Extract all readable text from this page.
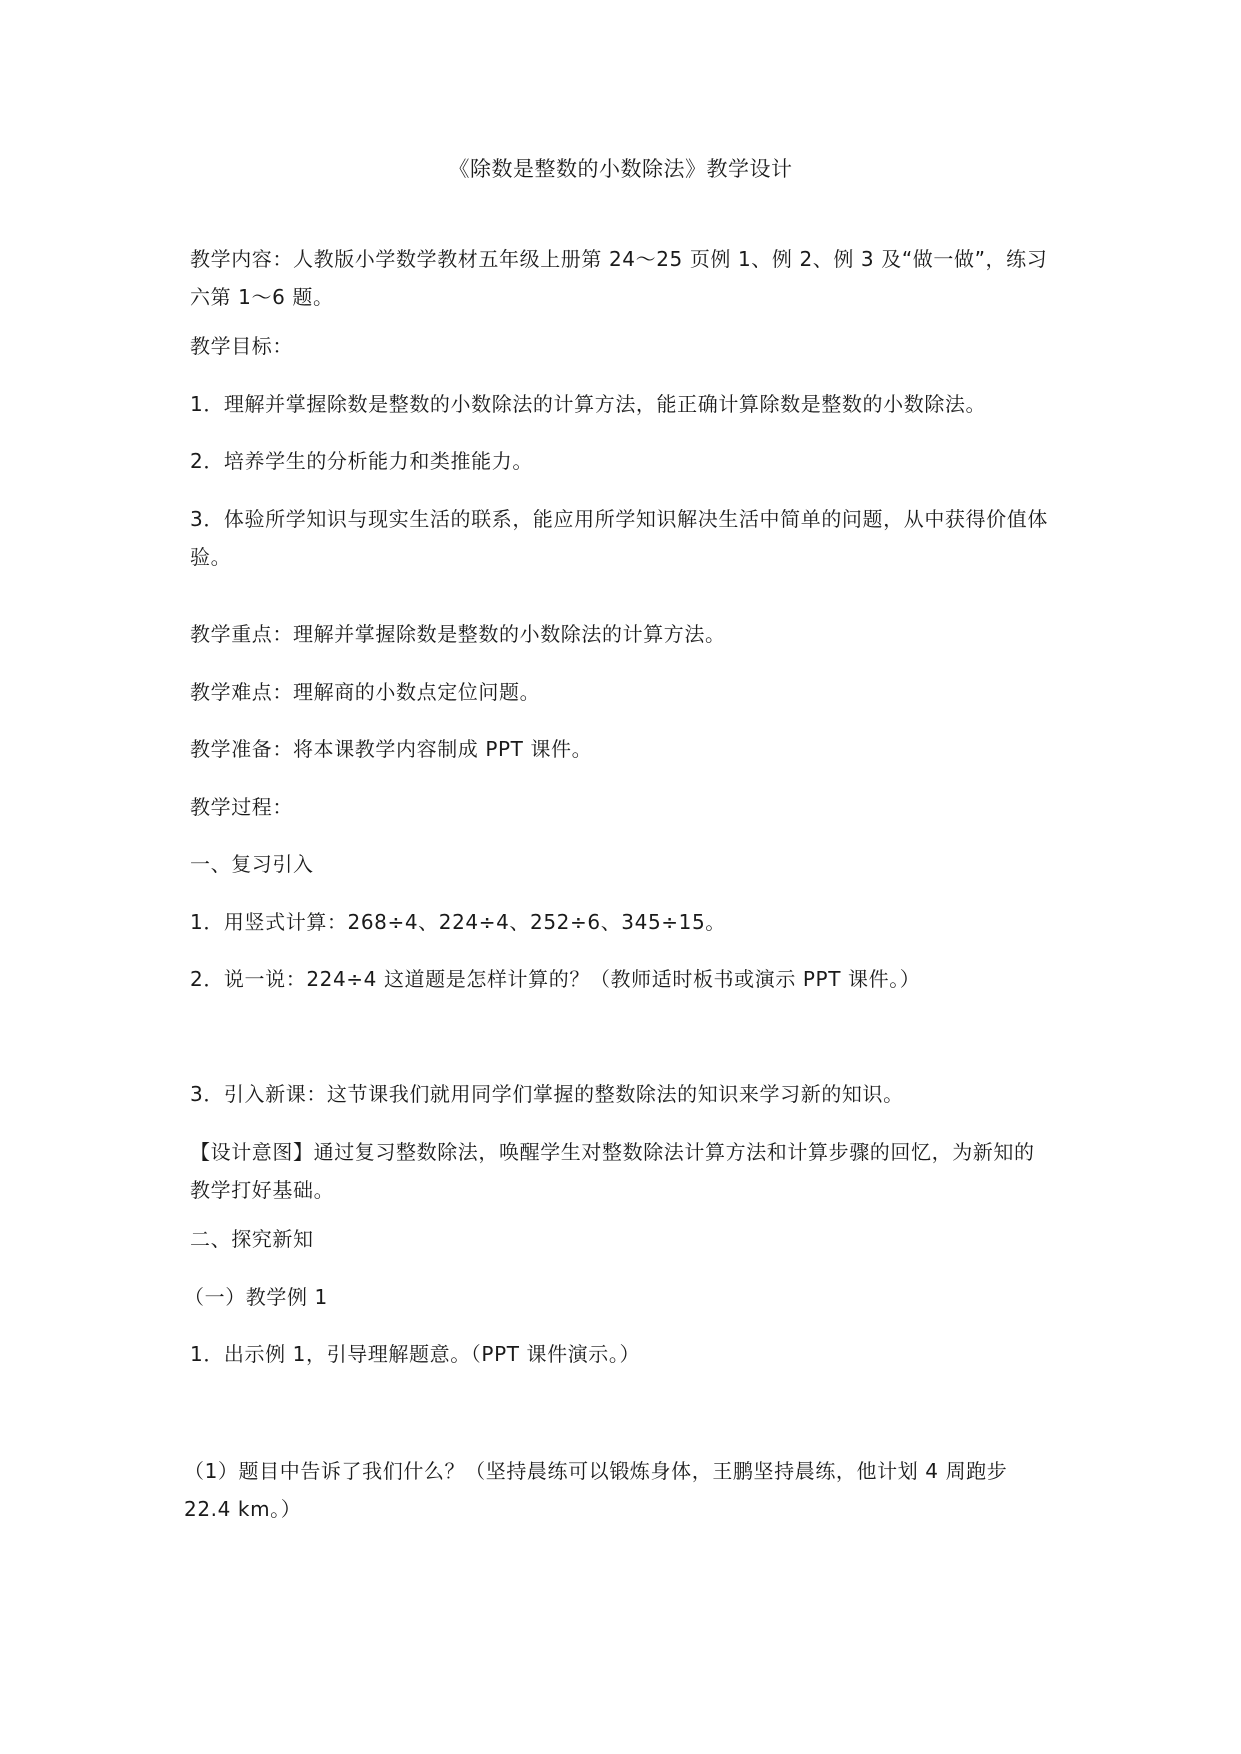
《除数是整数的小数除法》教学设计

教学内容：人教版小学数学教材五年级上册第 24～25 页例 1、例 2、例 3 及“做一做”，练习六第 1～6 题。

教学目标：

1．理解并掌握除数是整数的小数除法的计算方法，能正确计算除数是整数的小数除法。

2．培养学生的分析能力和类推能力。

3．体验所学知识与现实生活的联系，能应用所学知识解决生活中简单的问题，从中获得价值体验。

教学重点：理解并掌握除数是整数的小数除法的计算方法。

教学难点：理解商的小数点定位问题。

教学准备：将本课教学内容制成 PPT 课件。

教学过程：

一、复习引入

1．用竖式计算：268÷4、224÷4、252÷6、345÷15。

2．说一说：224÷4 这道题是怎样计算的？（教师适时板书或演示 PPT 课件。）

3．引入新课：这节课我们就用同学们掌握的整数除法的知识来学习新的知识。

【设计意图】通过复习整数除法，唤醒学生对整数除法计算方法和计算步骤的回忆，为新知的教学打好基础。

二、探究新知

（一）教学例 1

1．出示例 1，引导理解题意。（PPT 课件演示。）

（1）题目中告诉了我们什么？（坚持晨练可以锻炼身体，王鹏坚持晨练，他计划 4 周跑步 22.4 km。）
